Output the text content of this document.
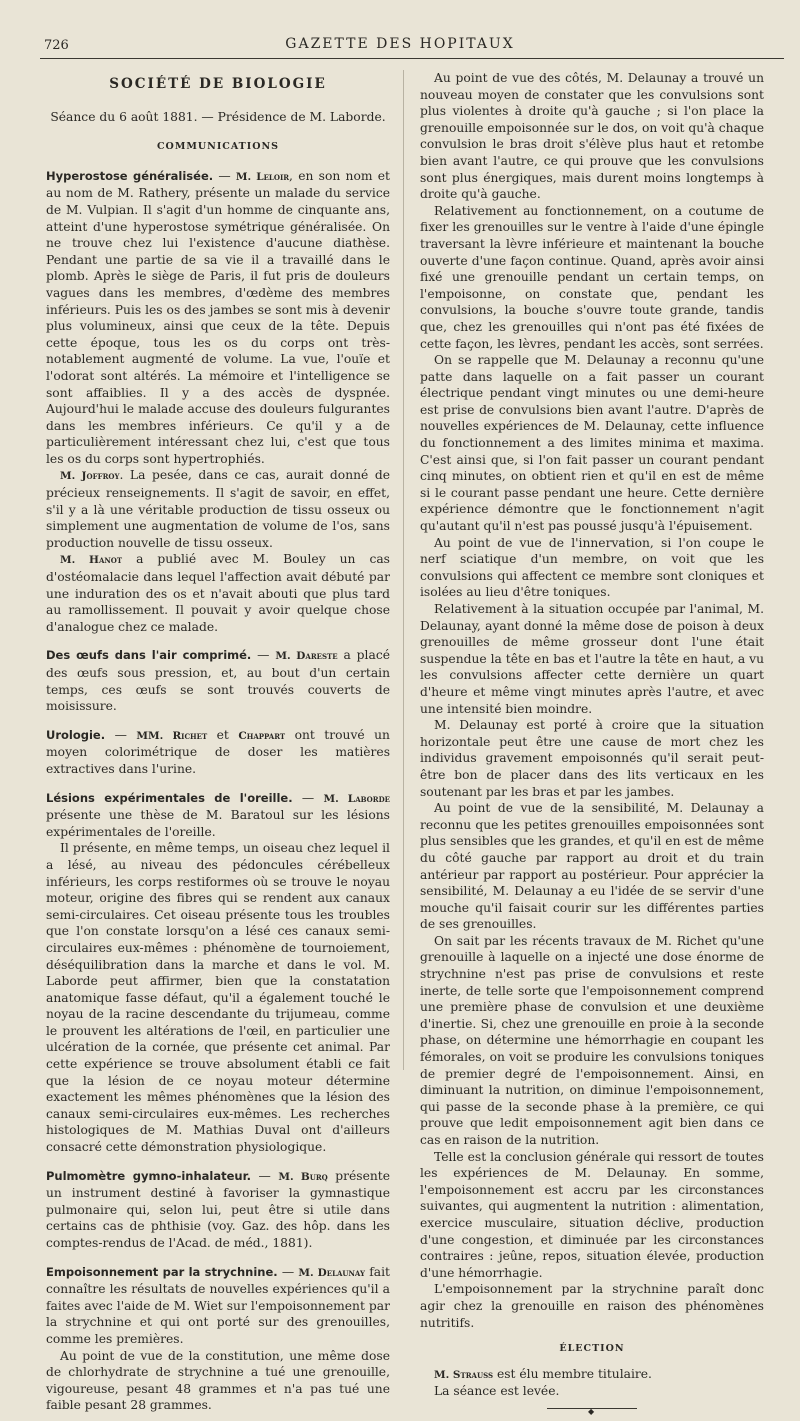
726	GAZETTE DES HOPITAUX
SOCIÉTÉ DE BIOLOGIE
Séance du 6 août 1881. — Présidence de M. Laborde.
COMMUNICATIONS

Hyperostose généralisée. — M. Leloir, en son nom et au nom de M. Rathery, présente un malade du service de M. Vulpian. Il s'agit d'un homme de cinquante ans, atteint d'une hyperostose symétrique généralisée. On ne trouve chez lui l'existence d'aucune diathèse. Pendant une partie de sa vie il a travaillé dans le plomb. Après le siège de Paris, il fut pris de douleurs vagues dans les membres, d'œdème des membres inférieurs. Puis les os des jambes se sont mis à devenir plus volumineux, ainsi que ceux de la tête. Depuis cette époque, tous les os du corps ont très-notablement augmenté de volume. La vue, l'ouïe et l'odorat sont altérés. La mémoire et l'intelligence se sont affaiblies. Il y a des accès de dyspnée. Aujourd'hui le malade accuse des douleurs fulgurantes dans les membres inférieurs. Ce qu'il y a de particulièrement intéressant chez lui, c'est que tous les os du corps sont hypertrophiés.

M. Joffroy. La pesée, dans ce cas, aurait donné de précieux renseignements. Il s'agit de savoir, en effet, s'il y a là une véritable production de tissu osseux ou simplement une augmentation de volume de l'os, sans production nouvelle de tissu osseux.

M. Hanot a publié avec M. Bouley un cas d'ostéomalacie dans lequel l'affection avait débuté par une induration des os et n'avait abouti que plus tard au ramollissement. Il pouvait y avoir quelque chose d'analogue chez ce malade.

Des œufs dans l'air comprimé. — M. Dareste a placé des œufs sous pression, et, au bout d'un certain temps, ces œufs se sont trouvés couverts de moisissure.

Urologie. — MM. Richet et Chappart ont trouvé un moyen colorimétrique de doser les matières extractives dans l'urine.

Lésions expérimentales de l'oreille. — M. Laborde présente une thèse de M. Baratoul sur les lésions expérimentales de l'oreille.

Il présente, en même temps, un oiseau chez lequel il a lésé, au niveau des pédoncules cérébelleux inférieurs, les corps restiformes où se trouve le noyau moteur, origine des fibres qui se rendent aux canaux semi-circulaires. Cet oiseau présente tous les troubles que l'on constate lorsqu'on a lésé ces canaux semi-circulaires eux-mêmes : phénomène de tournoiement, déséquilibration dans la marche et dans le vol. M. Laborde peut affirmer, bien que la constatation anatomique fasse défaut, qu'il a également touché le noyau de la racine descendante du trijumeau, comme le prouvent les altérations de l'œil, en particulier une ulcération de la cornée, que présente cet animal. Par cette expérience se trouve absolument établi ce fait que la lésion de ce noyau moteur détermine exactement les mêmes phénomènes que la lésion des canaux semi-circulaires eux-mêmes. Les recherches histologiques de M. Mathias Duval ont d'ailleurs consacré cette démonstration physiologique.

Pulmomètre gymno-inhalateur. — M. Burq présente un instrument destiné à favoriser la gymnastique pulmonaire qui, selon lui, peut être si utile dans certains cas de phthisie (voy. Gaz. des hôp. dans les comptes-rendus de l'Acad. de méd., 1881).

Empoisonnement par la strychnine. — M. Delaunay fait connaître les résultats de nouvelles expériences qu'il a faites avec l'aide de M. Wiet sur l'empoisonnement par la strychnine et qui ont porté sur des grenouilles, comme les premières.

Au point de vue de la constitution, une même dose de chlorhydrate de strychnine a tué une grenouille, vigoureuse, pesant 48 grammes et n'a pas tué une faible pesant 28 grammes.

Au point de vue des côtés, M. Delaunay a trouvé un nouveau moyen de constater que les convulsions sont plus violentes à droite qu'à gauche ; si l'on place la grenouille empoisonnée sur le dos, on voit qu'à chaque convulsion le bras droit s'élève plus haut et retombe bien avant l'autre, ce qui prouve que les convulsions sont plus énergiques, mais durent moins longtemps à droite qu'à gauche.

Relativement au fonctionnement, on a coutume de fixer les grenouilles sur le ventre à l'aide d'une épingle traversant la lèvre inférieure et maintenant la bouche ouverte d'une façon continue. Quand, après avoir ainsi fixé une grenouille pendant un certain temps, on l'empoisonne, on constate que, pendant les convulsions, la bouche s'ouvre toute grande, tandis que, chez les grenouilles qui n'ont pas été fixées de cette façon, les lèvres, pendant les accès, sont serrées.

On se rappelle que M. Delaunay a reconnu qu'une patte dans laquelle on a fait passer un courant électrique pendant vingt minutes ou une demi-heure est prise de convulsions bien avant l'autre. D'après de nouvelles expériences de M. Delaunay, cette influence du fonctionnement a des limites minima et maxima. C'est ainsi que, si l'on fait passer un courant pendant cinq minutes, on obtient rien et qu'il en est de même si le courant passe pendant une heure. Cette dernière expérience démontre que le fonctionnement n'agit qu'autant qu'il n'est pas poussé jusqu'à l'épuisement.

Au point de vue de l'innervation, si l'on coupe le nerf sciatique d'un membre, on voit que les convulsions qui affectent ce membre sont cloniques et isolées au lieu d'être toniques.

Relativement à la situation occupée par l'animal, M. Delaunay, ayant donné la même dose de poison à deux grenouilles de même grosseur dont l'une était suspendue la tête en bas et l'autre la tête en haut, a vu les convulsions affecter cette dernière un quart d'heure et même vingt minutes après l'autre, et avec une intensité bien moindre.

M. Delaunay est porté à croire que la situation horizontale peut être une cause de mort chez les individus gravement empoisonnés qu'il serait peut-être bon de placer dans des lits verticaux en les soutenant par les bras et par les jambes.

Au point de vue de la sensibilité, M. Delaunay a reconnu que les petites grenouilles empoisonnées sont plus sensibles que les grandes, et qu'il en est de même du côté gauche par rapport au droit et du train antérieur par rapport au postérieur. Pour apprécier la sensibilité, M. Delaunay a eu l'idée de se servir d'une mouche qu'il faisait courir sur les différentes parties de ses grenouilles.

On sait par les récents travaux de M. Richet qu'une grenouille à laquelle on a injecté une dose énorme de strychnine n'est pas prise de convulsions et reste inerte, de telle sorte que l'empoisonnement comprend une première phase de convulsion et une deuxième d'inertie. Si, chez une grenouille en proie à la seconde phase, on détermine une hémorrhagie en coupant les fémorales, on voit se produire les convulsions toniques de premier degré de l'empoisonnement. Ainsi, en diminuant la nutrition, on diminue l'empoisonnement, qui passe de la seconde phase à la première, ce qui prouve que ledit empoisonnement agit bien dans ce cas en raison de la nutrition.

Telle est la conclusion générale qui ressort de toutes les expériences de M. Delaunay. En somme, l'empoisonnement est accru par les circonstances suivantes, qui augmentent la nutrition : alimentation, exercice musculaire, situation déclive, production d'une congestion, et diminuée par les circonstances contraires : jeûne, repos, situation élevée, production d'une hémorrhagie.

L'empoisonnement par la strychnine paraît donc agir chez la grenouille en raison des phénomènes nutritifs.

ÉLECTION

M. Strauss est élu membre titulaire.

La séance est levée.

◆
